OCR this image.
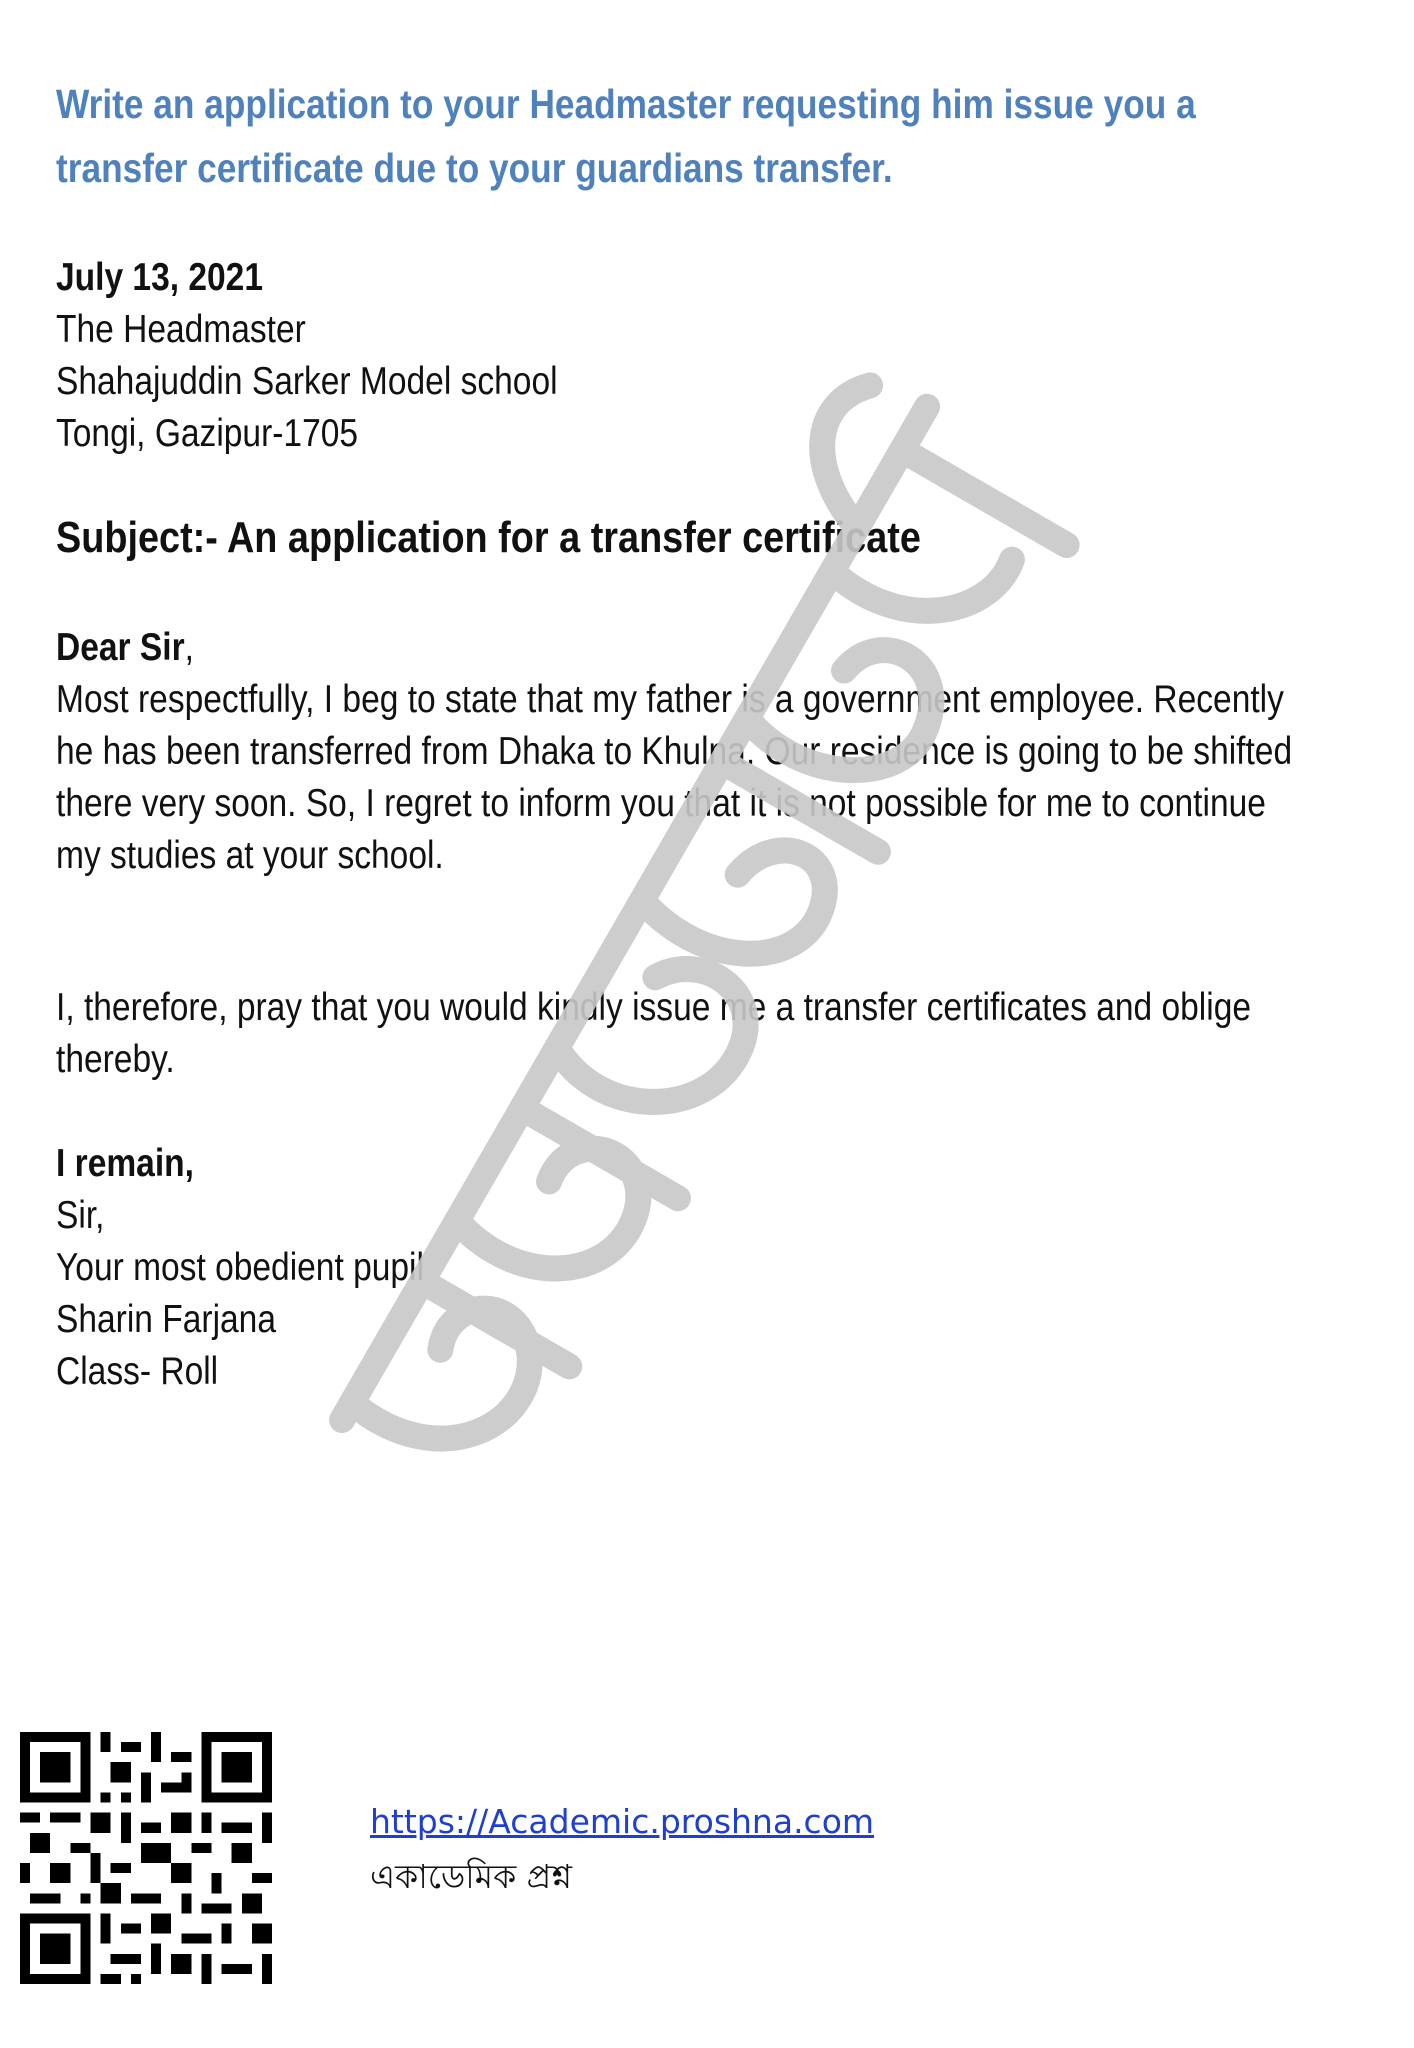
Write an application to your Headmaster requesting him issue you a
transfer certificate due to your guardians transfer.
July 13, 2021
The Headmaster
Shahajuddin Sarker Model school
Tongi, Gazipur-1705
Subject:- An application for a transfer certificate
Dear Sir,
Most respectfully, I beg to state that my father is a government employee. Recently
he has been transferred from Dhaka to Khulna. Our residence is going to be shifted
there very soon. So, I regret to inform you that it is not possible for me to continue
my studies at your school.
I, therefore, pray that you would kindly issue me a transfer certificates and oblige
thereby.
I remain,
Sir,
Your most obedient pupil
Sharin Farjana
Class- Roll
https://Academic.proshna.com
একাডেমিক প্রশ্ন
